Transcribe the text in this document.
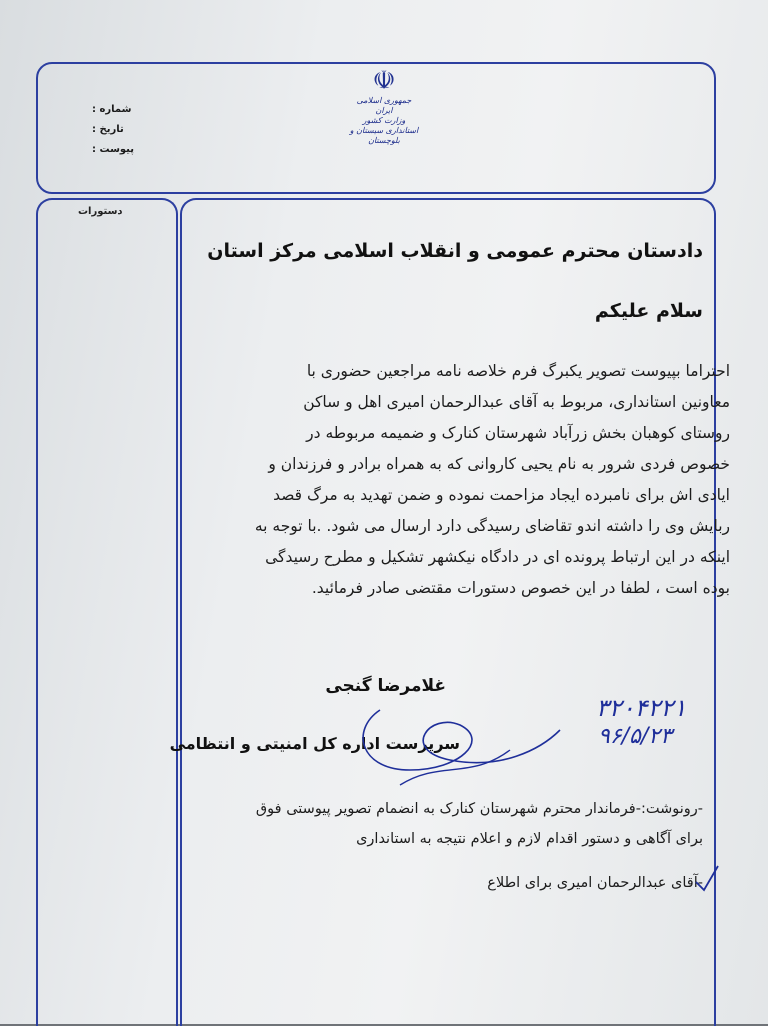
شماره :
تاریخ :
پیوست :
☫
جمهوری اسلامی ایران
وزارت کشور
استانداری سیستان و بلوچستان
دستورات
دادستان محترم عمومی و انقلاب اسلامی مرکز استان
سلام علیکم
احتراما بپیوست تصویر یکبرگ فرم خلاصه نامه مراجعین حضوری با
معاونین استانداری، مربوط به آقای عبدالرحمان امیری اهل و ساکن
روستای کوهبان بخش زرآباد شهرستان کنارک و ضمیمه مربوطه در
خصوص فردی شرور به نام یحیی کاروانی که به همراه برادر و فرزندان و
ایادی اش برای نامبرده ایجاد مزاحمت نموده و ضمن تهدید به مرگ قصد
ربایش وی را داشته اندو تقاضای رسیدگی دارد ارسال می شود. .با توجه به
اینکه در این ارتباط پرونده ای در دادگاه نیکشهر تشکیل و مطرح رسیدگی
بوده است ، لطفا در این خصوص دستورات مقتضی صادر فرمائید.
غلامرضا گنجی
سرپرست اداره کل امنیتی و انتظامی
۳۲۰۴۲۲۱
۹۶/۵/۲۳
-رونوشت:-فرماندار محترم شهرستان کنارک به انضمام تصویر پیوستی فوق
برای آگاهی و دستور اقدام لازم و اعلام نتیجه به استانداری
-آقای عبدالرحمان امیری برای اطلاع
